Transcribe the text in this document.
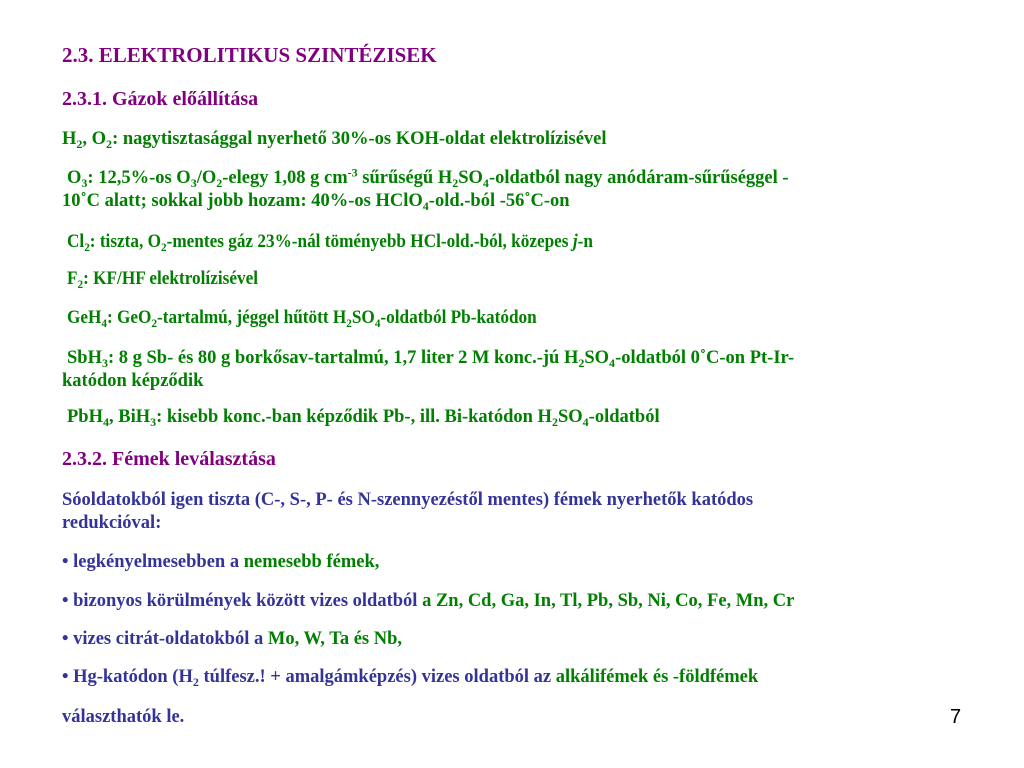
2.3. ELEKTROLITIKUS SZINTÉZISEK
2.3.1. Gázok előállítása
$H_2$, $O_2$: nagytisztasággal nyerhető 30%-os KOH-oldat elektrolízisével
$O_3$: 12,5%-os $O_3/O_2$-elegy 1,08 g $cm^{-3}$ sűrűségű $H_2SO_4$-oldatból nagy anódáram-sűrűséggel -
10˚C alatt; sokkal jobb hozam: 40%-os HClO$_4$-old.-ból -56˚C-on
$Cl_2$: tiszta, $O_2$-mentes gáz 23%-nál töményebb HCl-old.-ból, közepes j-n
$F_2$: KF/HF elektrolízisével
GeH$_4$: GeO$_2$-tartalmú, jéggel hűtött $H_2SO_4$-oldatból Pb-katódon
SbH$_3$: 8 g Sb- és 80 g borkősav-tartalmú, 1,7 liter 2 M konc.-jú $H_2SO_4$-oldatból 0˚C-on Pt-Ir-
katódon képződik
PbH$_4$, BiH$_3$: kisebb konc.-ban képződik Pb-, ill. Bi-katódon $H_2SO_4$-oldatból
2.3.2. Fémek leválasztása
Sóoldatokból igen tiszta (C-, S-, P- és N-szennyezéstől mentes) fémek nyerhetők katódos
redukcióval:
• legkényelmesebben a nemesebb fémek,
• bizonyos körülmények között vizes oldatból a Zn, Cd, Ga, In, Tl, Pb, Sb, Ni, Co, Fe, Mn, Cr
• vizes citrát-oldatokból a Mo, W, Ta és Nb,
• Hg-katódon ($H_2$ túlfesz.! + amalgámképzés) vizes oldatból az alkálifémek és -földfémek
választhatók le.	7
